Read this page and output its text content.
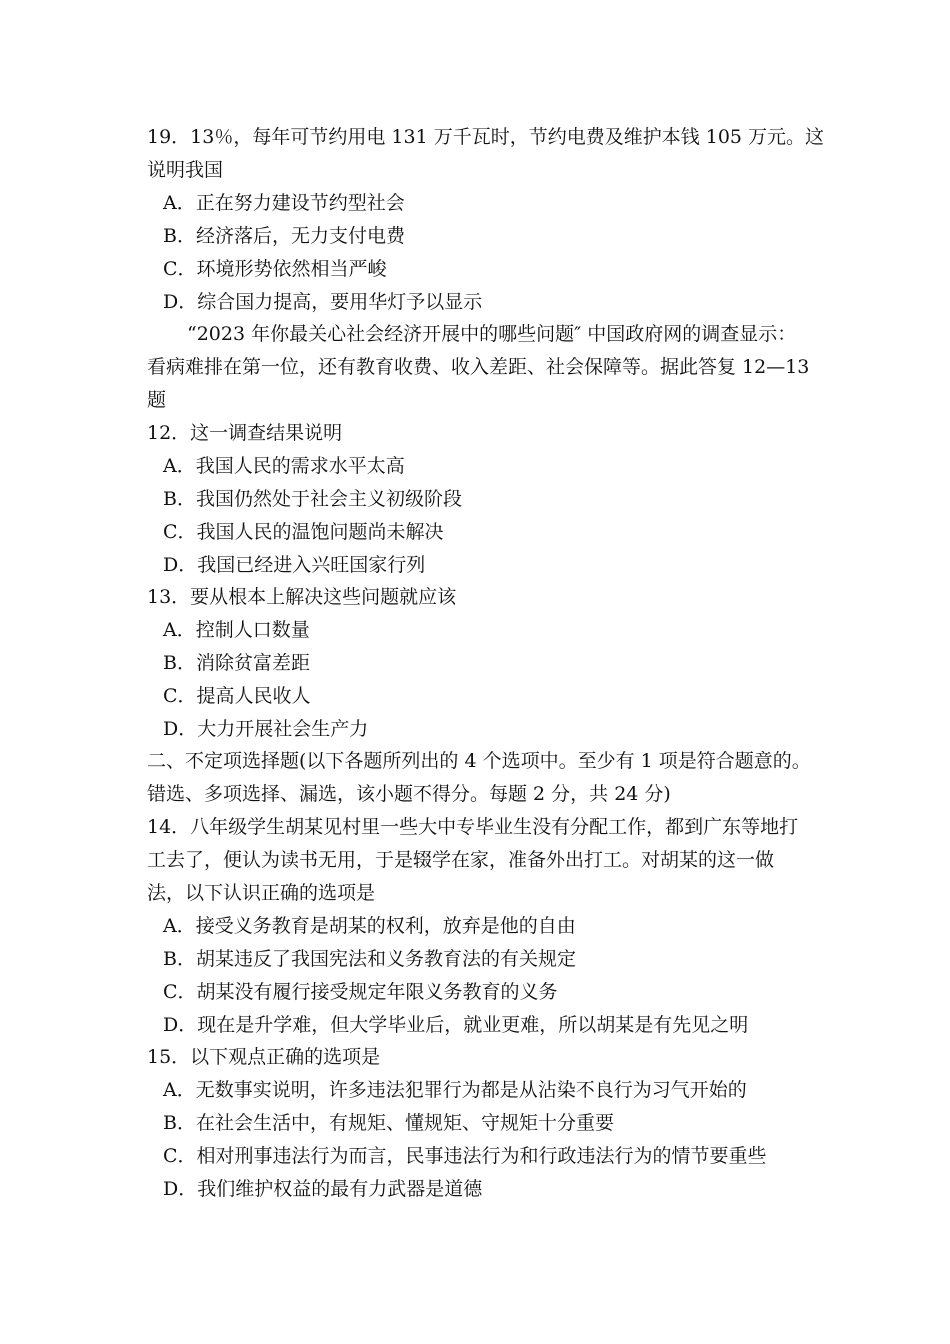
19．13％，每年可节约用电 131 万千瓦时，节约电费及维护本钱 105 万元。这
说明我国
A．正在努力建设节约型社会
B．经济落后，无力支付电费
C．环境形势依然相当严峻
D．综合国力提高，要用华灯予以显示
“2023 年你最关心社会经济开展中的哪些问题″ 中国政府网的调查显示：
看病难排在第一位，还有教育收费、收入差距、社会保障等。据此答复 12—13
题
12．这一调查结果说明
A．我国人民的需求水平太高
B．我国仍然处于社会主义初级阶段
C．我国人民的温饱问题尚未解决
D．我国已经进入兴旺国家行列
13．要从根本上解决这些问题就应该
A．控制人口数量
B．消除贫富差距
C．提高人民收人
D．大力开展社会生产力
二、不定项选择题(以下各题所列出的 4 个选项中。至少有 1 项是符合题意的。
错选、多项选择、漏选，该小题不得分。每题 2 分，共 24 分)
14．八年级学生胡某见村里一些大中专毕业生没有分配工作，都到广东等地打
工去了，便认为读书无用，于是辍学在家，准备外出打工。对胡某的这一做
法，以下认识正确的选项是
A．接受义务教育是胡某的权利，放弃是他的自由
B．胡某违反了我国宪法和义务教育法的有关规定
C．胡某没有履行接受规定年限义务教育的义务
D．现在是升学难，但大学毕业后，就业更难，所以胡某是有先见之明
15．以下观点正确的选项是
A．无数事实说明，许多违法犯罪行为都是从沾染不良行为习气开始的
B．在社会生活中，有规矩、懂规矩、守规矩十分重要
C．相对刑事违法行为而言，民事违法行为和行政违法行为的情节要重些
D．我们维护权益的最有力武器是道德
